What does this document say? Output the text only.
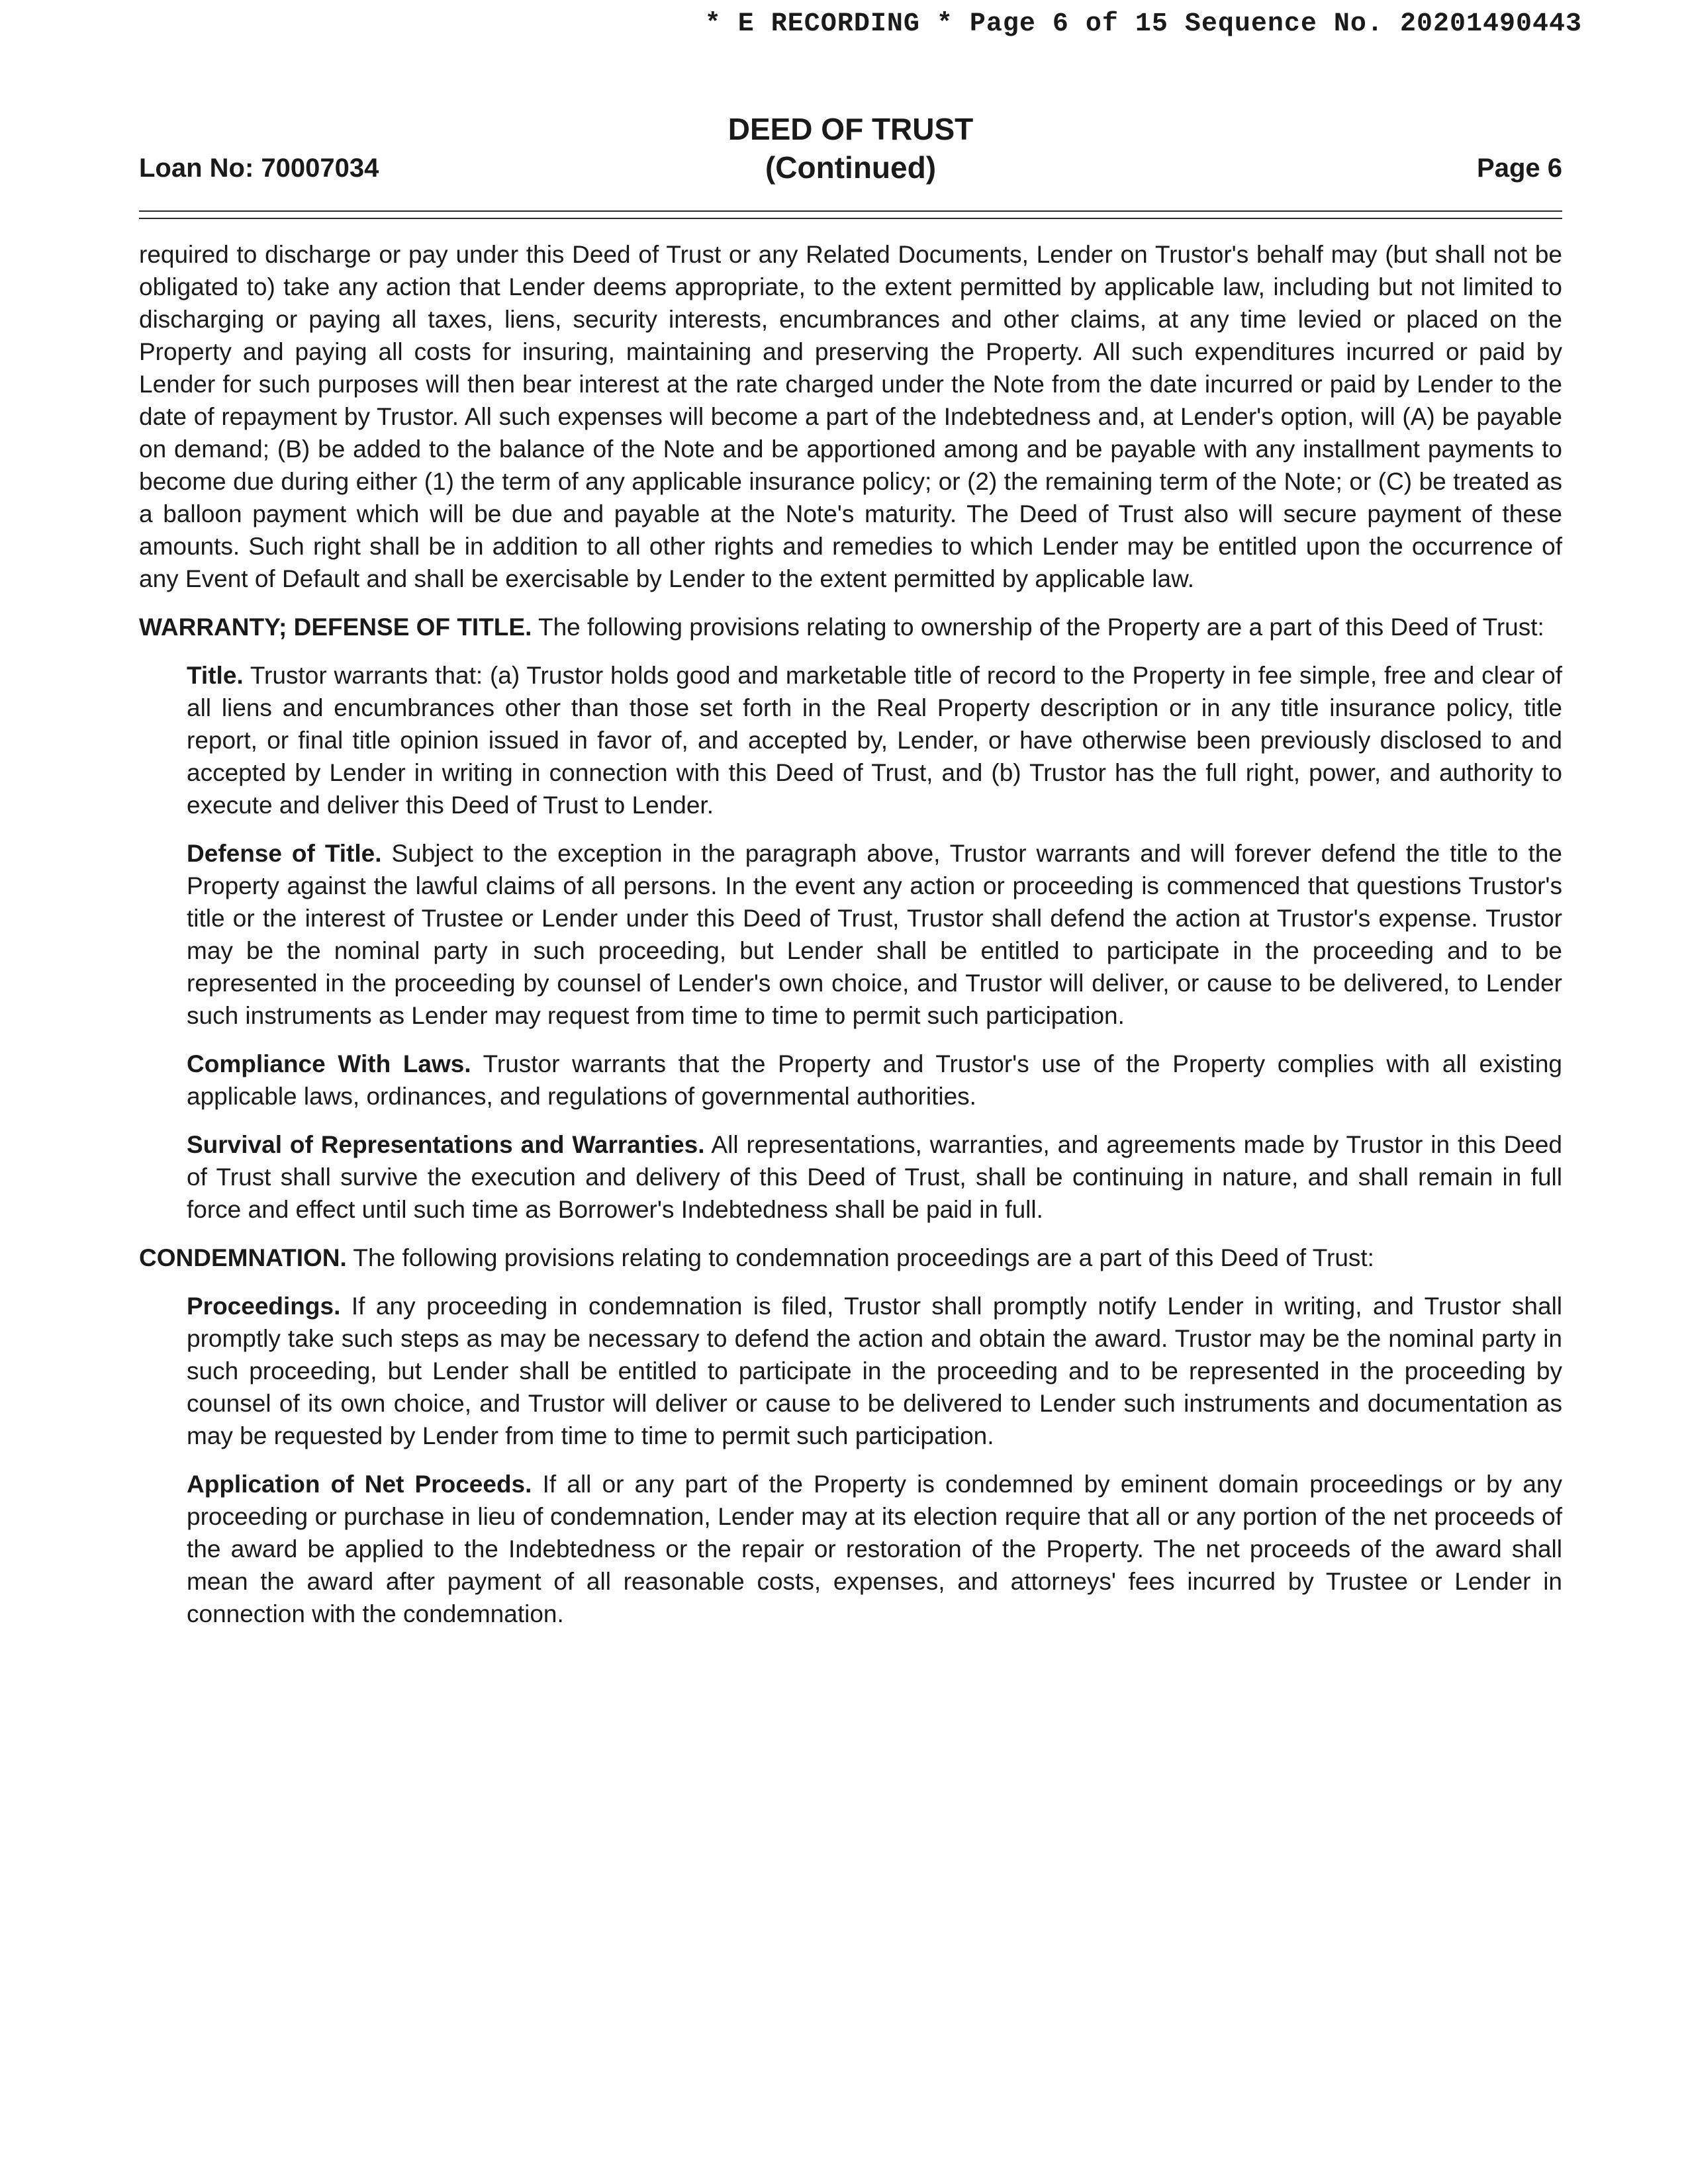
* E RECORDING * Page 6 of 15 Sequence No. 20201490443
Loan No: 70007034
DEED OF TRUST
(Continued)	Page 6

required to discharge or pay under this Deed of Trust or any Related Documents, Lender on Trustor's behalf may (but shall not be obligated to) take any action that Lender deems appropriate, to the extent permitted by applicable law, including but not limited to discharging or paying all taxes, liens, security interests, encumbrances and other claims, at any time levied or placed on the Property and paying all costs for insuring, maintaining and preserving the Property. All such expenditures incurred or paid by Lender for such purposes will then bear interest at the rate charged under the Note from the date incurred or paid by Lender to the date of repayment by Trustor. All such expenses will become a part of the Indebtedness and, at Lender's option, will (A) be payable on demand; (B) be added to the balance of the Note and be apportioned among and be payable with any installment payments to become due during either (1) the term of any applicable insurance policy; or (2) the remaining term of the Note; or (C) be treated as a balloon payment which will be due and payable at the Note's maturity. The Deed of Trust also will secure payment of these amounts. Such right shall be in addition to all other rights and remedies to which Lender may be entitled upon the occurrence of any Event of Default and shall be exercisable by Lender to the extent permitted by applicable law.

WARRANTY; DEFENSE OF TITLE. The following provisions relating to ownership of the Property are a part of this Deed of Trust:

Title. Trustor warrants that: (a) Trustor holds good and marketable title of record to the Property in fee simple, free and clear of all liens and encumbrances other than those set forth in the Real Property description or in any title insurance policy, title report, or final title opinion issued in favor of, and accepted by, Lender, or have otherwise been previously disclosed to and accepted by Lender in writing in connection with this Deed of Trust, and (b) Trustor has the full right, power, and authority to execute and deliver this Deed of Trust to Lender.

Defense of Title. Subject to the exception in the paragraph above, Trustor warrants and will forever defend the title to the Property against the lawful claims of all persons. In the event any action or proceeding is commenced that questions Trustor's title or the interest of Trustee or Lender under this Deed of Trust, Trustor shall defend the action at Trustor's expense. Trustor may be the nominal party in such proceeding, but Lender shall be entitled to participate in the proceeding and to be represented in the proceeding by counsel of Lender's own choice, and Trustor will deliver, or cause to be delivered, to Lender such instruments as Lender may request from time to time to permit such participation.

Compliance With Laws. Trustor warrants that the Property and Trustor's use of the Property complies with all existing applicable laws, ordinances, and regulations of governmental authorities.

Survival of Representations and Warranties. All representations, warranties, and agreements made by Trustor in this Deed of Trust shall survive the execution and delivery of this Deed of Trust, shall be continuing in nature, and shall remain in full force and effect until such time as Borrower's Indebtedness shall be paid in full.

CONDEMNATION. The following provisions relating to condemnation proceedings are a part of this Deed of Trust:

Proceedings. If any proceeding in condemnation is filed, Trustor shall promptly notify Lender in writing, and Trustor shall promptly take such steps as may be necessary to defend the action and obtain the award. Trustor may be the nominal party in such proceeding, but Lender shall be entitled to participate in the proceeding and to be represented in the proceeding by counsel of its own choice, and Trustor will deliver or cause to be delivered to Lender such instruments and documentation as may be requested by Lender from time to time to permit such participation.

Application of Net Proceeds. If all or any part of the Property is condemned by eminent domain proceedings or by any proceeding or purchase in lieu of condemnation, Lender may at its election require that all or any portion of the net proceeds of the award be applied to the Indebtedness or the repair or restoration of the Property. The net proceeds of the award shall mean the award after payment of all reasonable costs, expenses, and attorneys' fees incurred by Trustee or Lender in connection with the condemnation.
